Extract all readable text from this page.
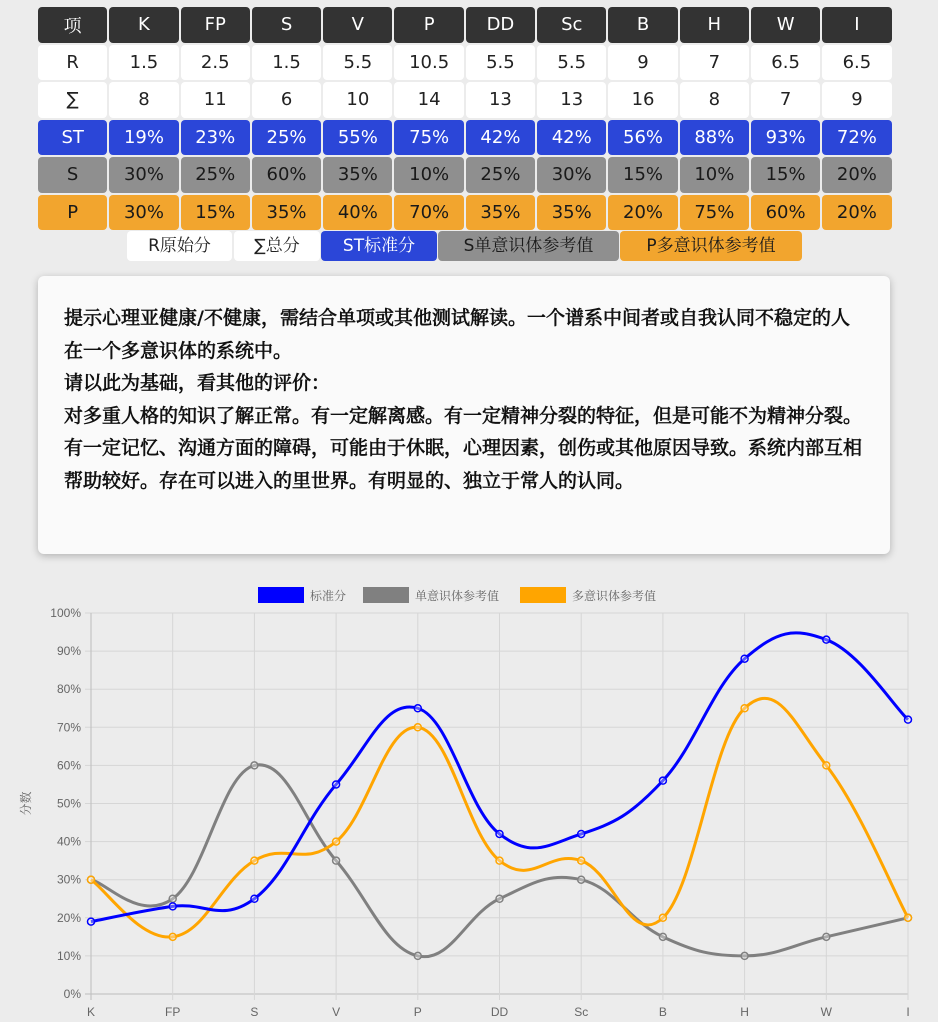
项	K	FP	S	V	P	DD	Sc	B	H	W	I
R	1.5	2.5	1.5	5.5	10.5	5.5	5.5	9	7	6.5	6.5
∑	8	11	6	10	14	13	13	16	8	7	9
ST	19%	23%	25%	55%	75%	42%	42%	56%	88%	93%	72%
S	30%	25%	60%	35%	10%	25%	30%	15%	10%	15%	20%
P	30%	15%	35%	40%	70%	35%	35%	20%	75%	60%	20%
R原始分	∑总分	ST标准分	S单意识体参考值	P多意识体参考值

提示心理亚健康/不健康，需结合单项或其他测试解读。一个谱系中间者或自我认同不稳定的人在一个多意识体的系统中。

请以此为基础，看其他的评价：

对多重人格的知识了解正常。有一定解离感。有一定精神分裂的特征，但是可能不为精神分裂。有一定记忆、沟通方面的障碍，可能由于休眠，心理因素，创伤或其他原因导致。系统内部互相帮助较好。存在可以进入的里世界。有明显的、独立于常人的认同。

0%
10%
20%
30%
40%
50%
60%
70%
80%
90%
100%
K	FP	S	V	P	DD	Sc	B	H	W	I
分数
标准分	单意识体参考值	多意识体参考值
